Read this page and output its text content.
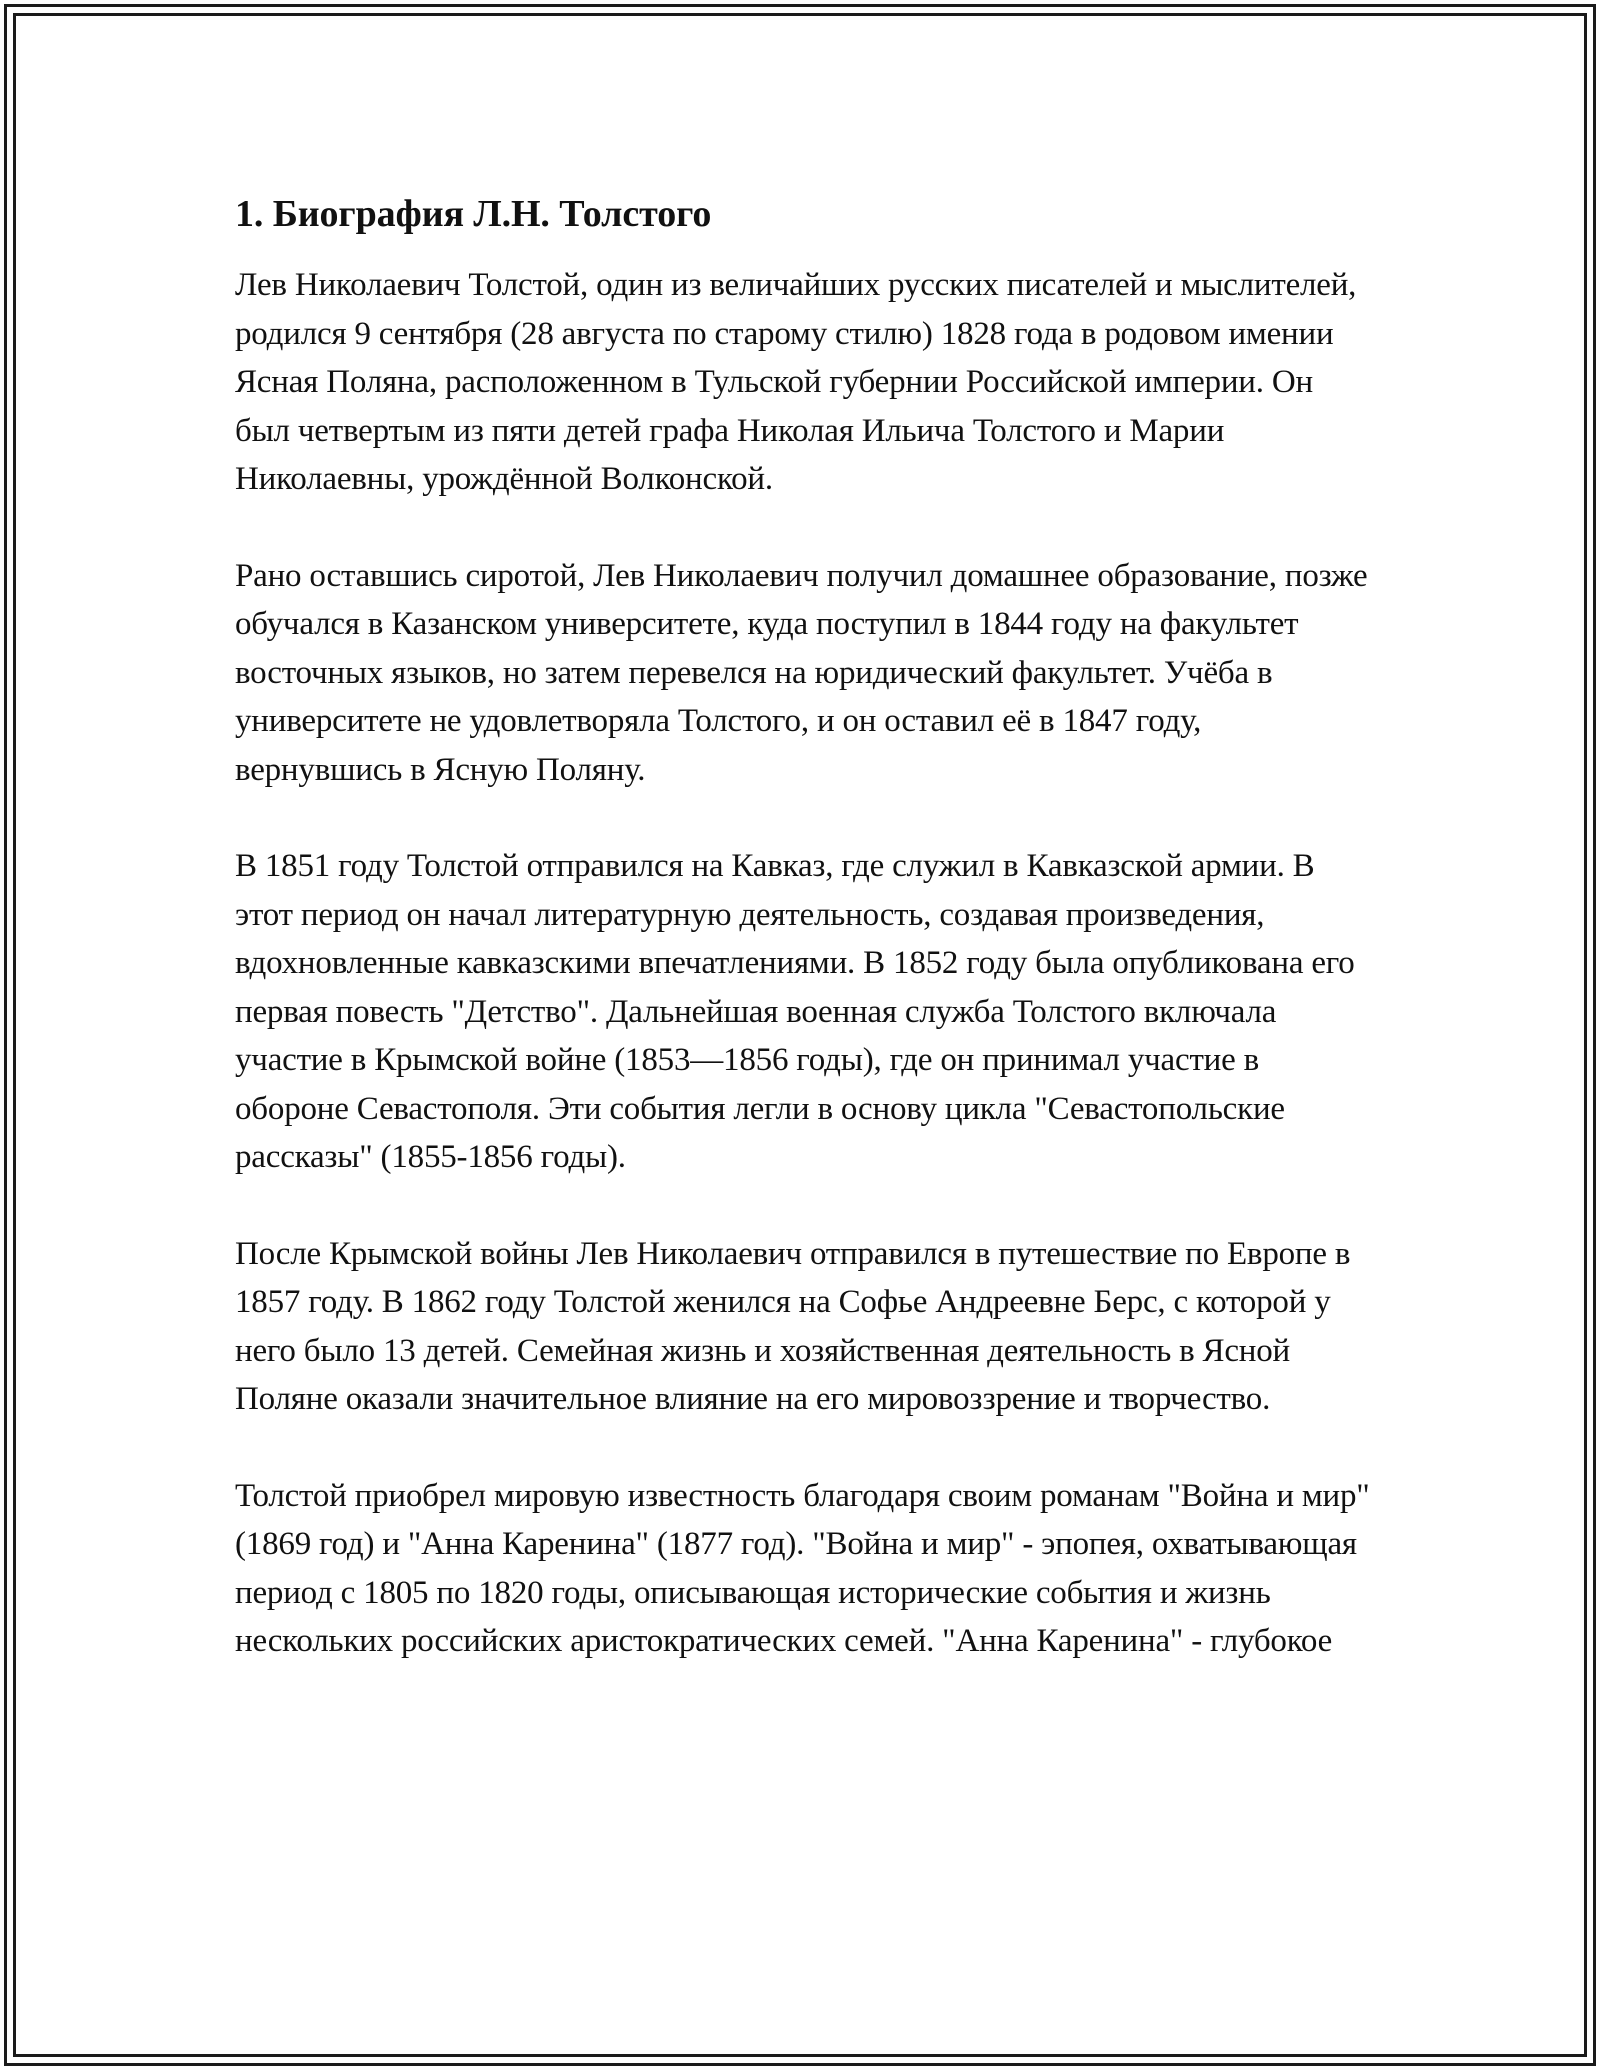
1. Биография Л.Н. Толстого

Лев Николаевич Толстой, один из величайших русских писателей и мыслителей, родился 9 сентября (28 августа по старому стилю) 1828 года в родовом имении Ясная Поляна, расположенном в Тульской губернии Российской империи. Он был четвертым из пяти детей графа Николая Ильича Толстого и Марии Николаевны, урождённой Волконской.

Рано оставшись сиротой, Лев Николаевич получил домашнее образование, позже обучался в Казанском университете, куда поступил в 1844 году на факультет восточных языков, но затем перевелся на юридический факультет. Учёба в университете не удовлетворяла Толстого, и он оставил её в 1847 году, вернувшись в Ясную Поляну.

В 1851 году Толстой отправился на Кавказ, где служил в Кавказской армии. В этот период он начал литературную деятельность, создавая произведения, вдохновленные кавказскими впечатлениями. В 1852 году была опубликована его первая повесть "Детство". Дальнейшая военная служба Толстого включала участие в Крымской войне (1853—1856 годы), где он принимал участие в обороне Севастополя. Эти события легли в основу цикла "Севастопольские рассказы" (1855-1856 годы).

После Крымской войны Лев Николаевич отправился в путешествие по Европе в 1857 году. В 1862 году Толстой женился на Софье Андреевне Берс, с которой у него было 13 детей. Семейная жизнь и хозяйственная деятельность в Ясной Поляне оказали значительное влияние на его мировоззрение и творчество.

Толстой приобрел мировую известность благодаря своим романам "Война и мир" (1869 год) и "Анна Каренина" (1877 год). "Война и мир" - эпопея, охватывающая период с 1805 по 1820 годы, описывающая исторические события и жизнь нескольких российских аристократических семей. "Анна Каренина" - глубокое
